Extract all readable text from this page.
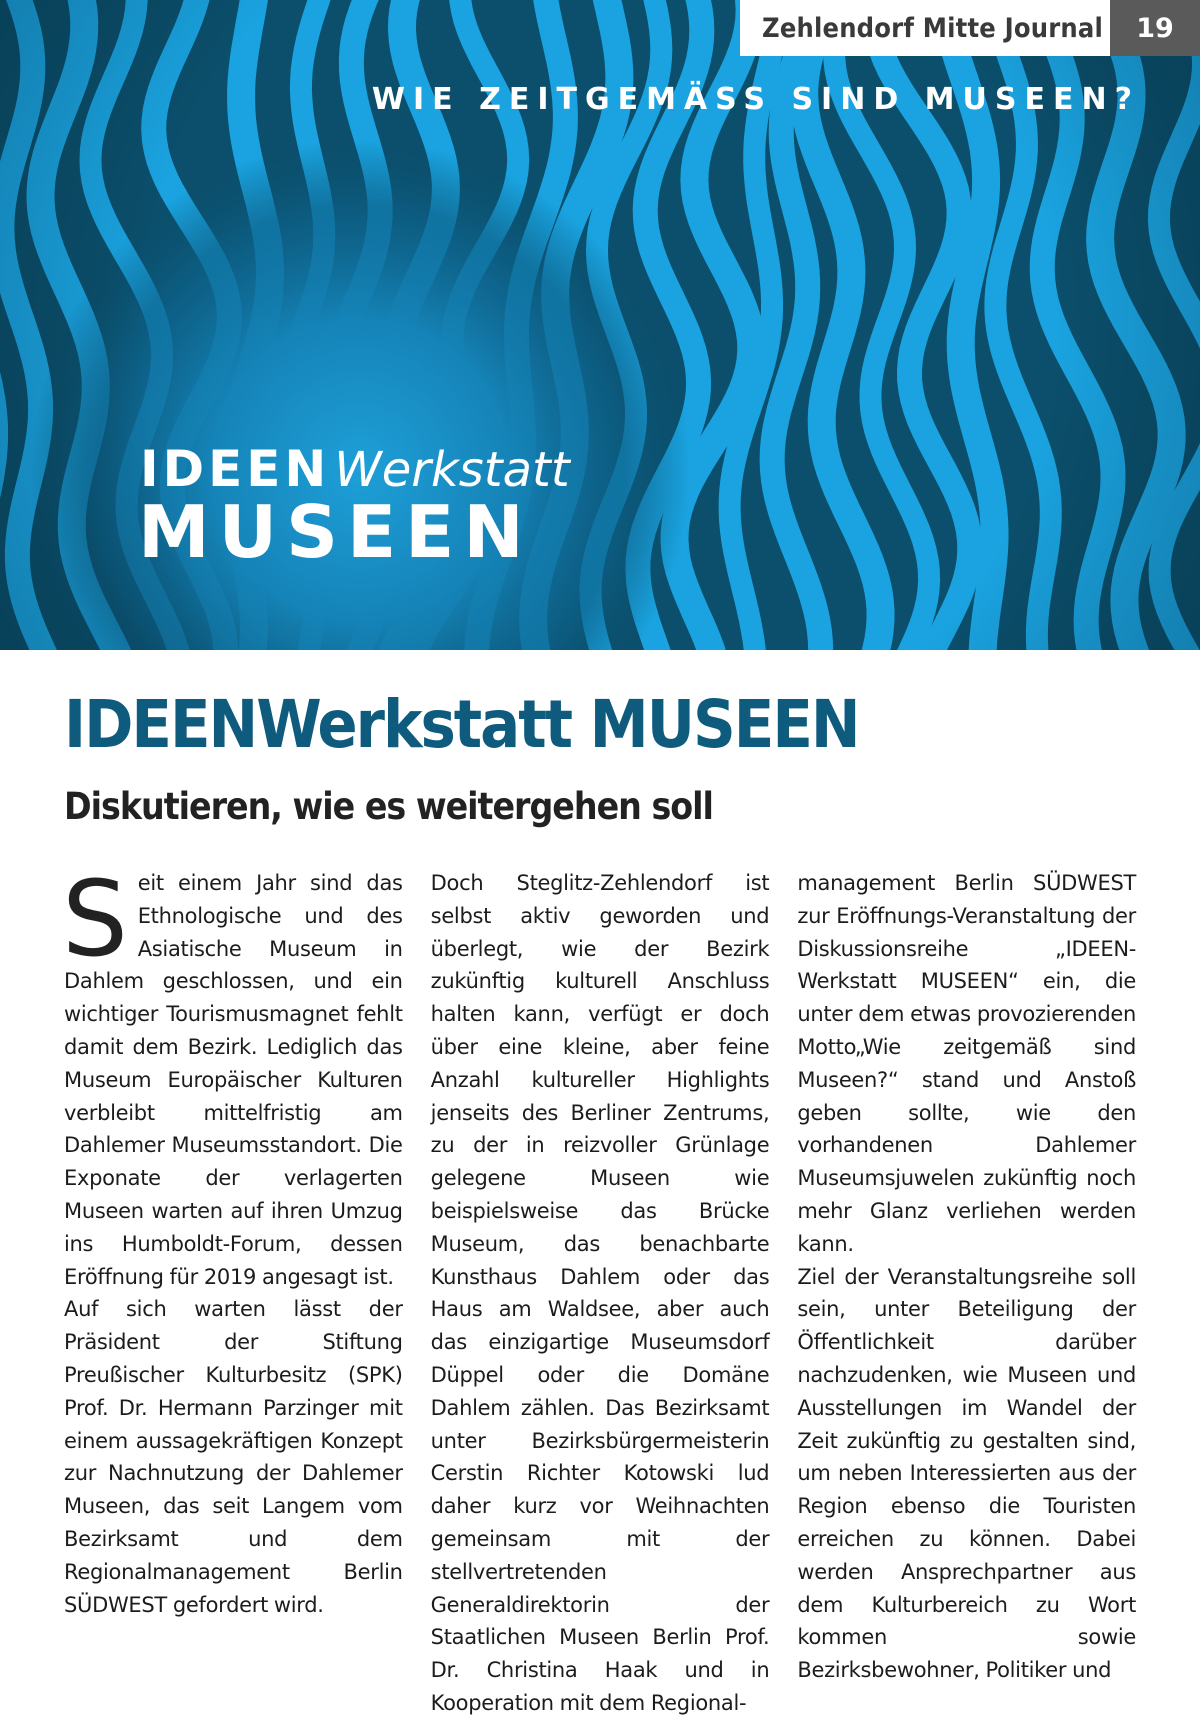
Zehlendorf Mitte Journal 19
WIE ZEITGEMÄSS SIND MUSEEN?
IDEENWerkstatt
MUSEEN
IDEENWerkstatt MUSEEN
Diskutieren, wie es weitergehen soll
S eit einem Jahr sind das Ethnologische und des Asiatische Museum in Dahlem geschlossen, und ein wichtiger Tourismusmagnet fehlt damit dem Bezirk. Lediglich das Museum Europäischer Kulturen verbleibt mittelfristig am Dahlemer Museumsstandort. Die Exponate der verlagerten Museen warten auf ihren Umzug ins Humboldt-Forum, dessen Eröffnung für 2019 angesagt ist.

Auf sich warten lässt der Präsident der Stiftung Preußischer Kulturbesitz (SPK) Prof. Dr. Hermann Parzinger mit einem aussagekräftigen Konzept zur Nachnutzung der Dahlemer Museen, das seit Langem vom Bezirksamt und dem Regionalmanagement Berlin SÜDWEST gefordert wird.

Doch Steglitz-Zehlendorf ist selbst aktiv geworden und überlegt, wie der Bezirk zukünftig kulturell Anschluss halten kann, verfügt er doch über eine kleine, aber feine Anzahl kultureller Highlights jenseits des Berliner Zentrums, zu der in reizvoller Grünlage gelegene Museen wie beispielsweise das Brücke Museum, das benachbarte Kunsthaus Dahlem oder das Haus am Waldsee, aber auch das einzigartige Museumsdorf Düppel oder die Domäne Dahlem zählen. Das Bezirksamt unter Bezirksbürgermeisterin Cerstin Richter Kotowski lud daher kurz vor Weihnachten gemeinsam mit der stellvertretenden Generaldirektorin der Staatlichen Museen Berlin Prof. Dr. Christina Haak und in Kooperation mit dem Regional-

management Berlin SÜDWEST zur Eröffnungs-Veranstaltung der Diskussionsreihe „IDEEN-Werkstatt MUSEEN“ ein, die unter dem etwas provozierenden Motto„Wie zeitgemäß sind Museen?“ stand und Anstoß geben sollte, wie den vorhandenen Dahlemer Museumsjuwelen zukünftig noch mehr Glanz verliehen werden kann.

Ziel der Veranstaltungsreihe soll sein, unter Beteiligung der Öffentlichkeit darüber nachzudenken, wie Museen und Ausstellungen im Wandel der Zeit zukünftig zu gestalten sind, um neben Interessierten aus der Region ebenso die Touristen erreichen zu können. Dabei werden Ansprechpartner aus dem Kulturbereich zu Wort kommen sowie Bezirksbewohner, Politiker und
